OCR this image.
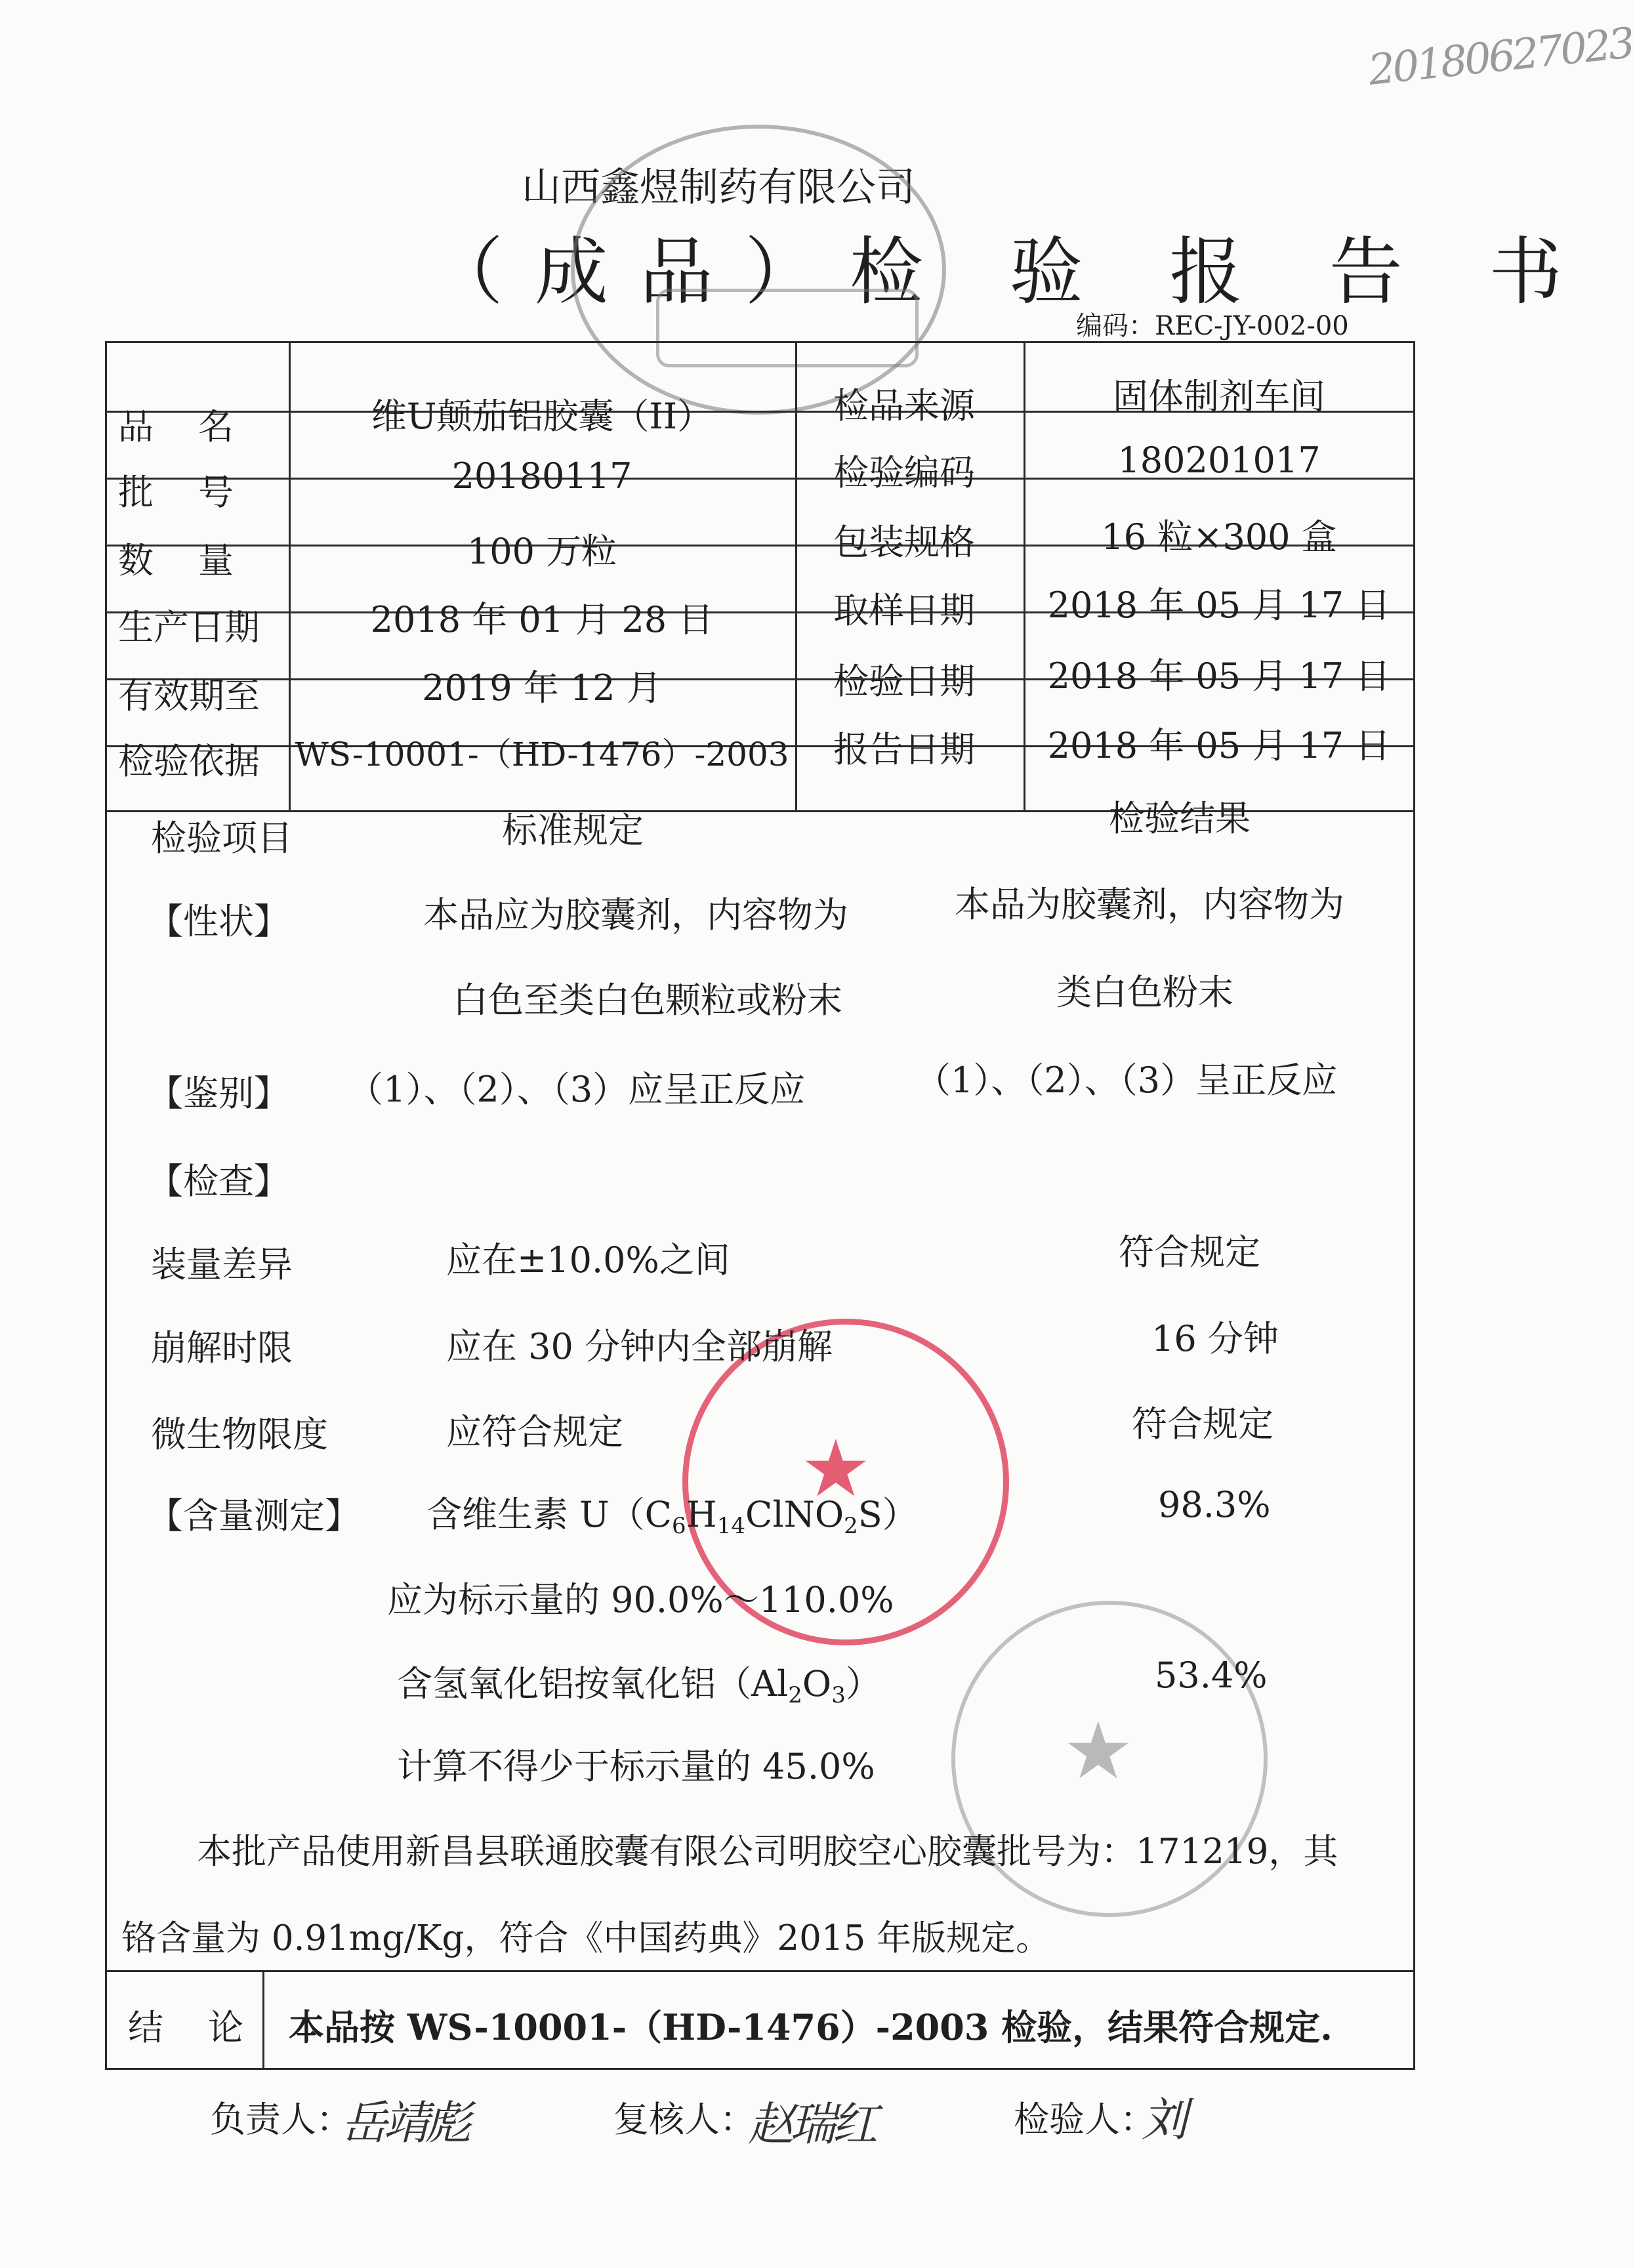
20180627023
山西鑫煜制药有限公司
（成品）检 验 报 告 书
编码：REC-JY-002-00
★
★
品名	维U颠茄铝胶囊（II）	检品来源	固体制剂车间
批号	20180117	检验编码	180201017
数量	100 万粒	包装规格	16 粒×300 盒
生产日期	2018 年 01 月 28 日	取样日期 2018 年 05 月 17 日
有效期至	2019 年 12 月	检验日期 2018 年 05 月 17 日
检验依据 WS-10001-（HD-1476）-2003 报告日期 2018 年 05 月 17 日
检验项目	标准规定	检验结果
【性状】	本品应为胶囊剂，内容物为
白色至类白色颗粒或粉末
本品为胶囊剂，内容物为
类白色粉末
【鉴别】 （1）、（2）、（3）应呈正反应	（1）、（2）、（3）呈正反应
【检查】
装量差异	应在±10.0%之间	符合规定
崩解时限	应在 30 分钟内全部崩解	16 分钟
微生物限度	应符合规定	符合规定
【含量测定】 含维生素 U（C6H14ClNO2S）	98.3%
应为标示量的 90.0%～110.0%
含氢氧化铝按氧化铝（Al2O3）	53.4%
计算不得少于标示量的 45.0%
本批产品使用新昌县联通胶囊有限公司明胶空心胶囊批号为：171219，其
铬含量为 0.91mg/Kg，符合《中国药典》2015 年版规定。
结论 本品按 WS-10001-（HD-1476）-2003 检验，结果符合规定.
负责人：
岳靖彪	复核人：
赵瑞红	检验人：
刘
